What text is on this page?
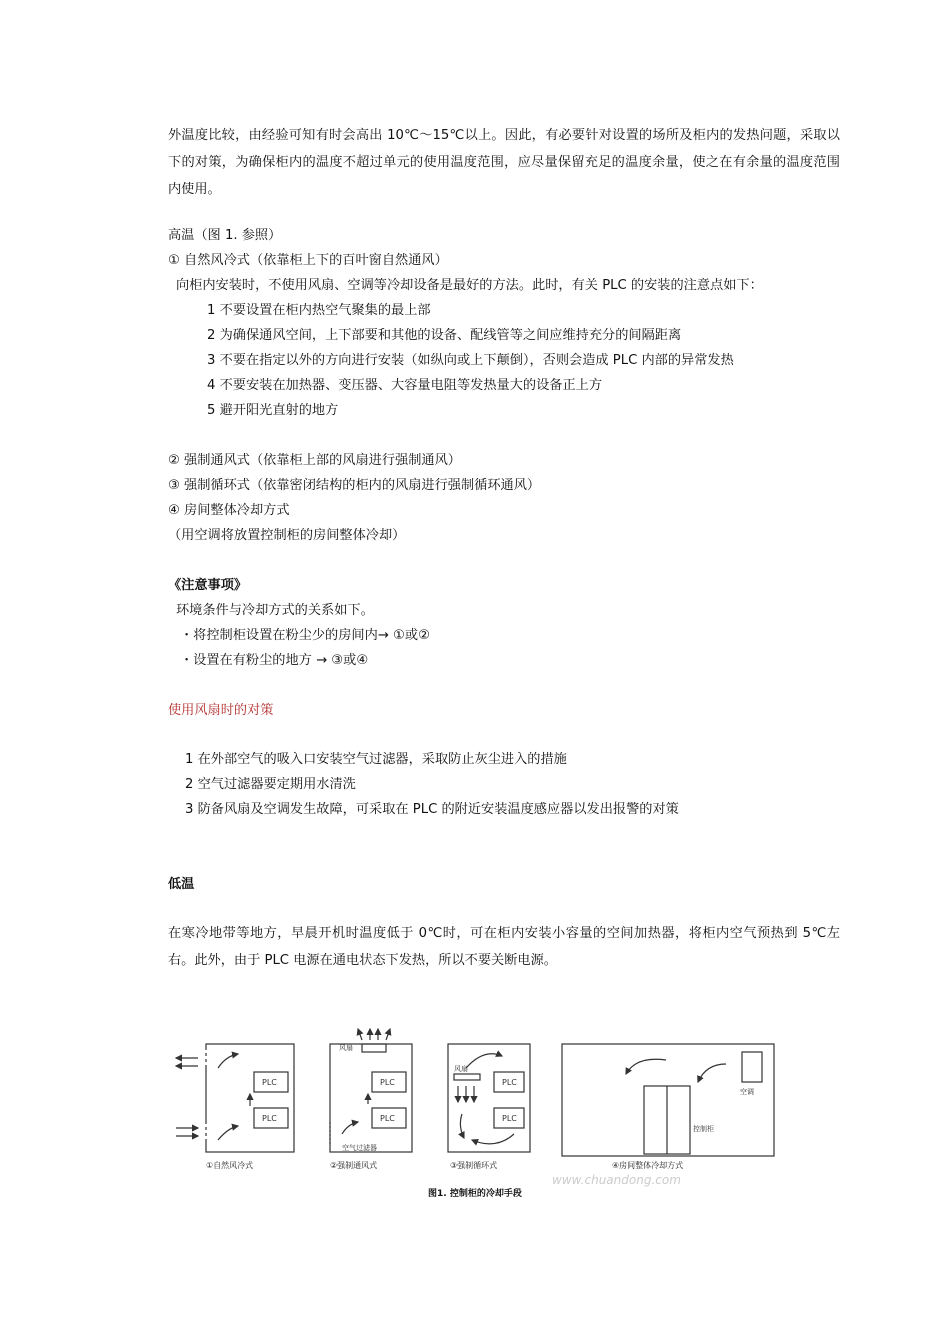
外温度比较，由经验可知有时会高出 10℃～15℃以上。因此，有必要针对设置的场所及柜内的发热问题，采取以下的对策，为确保柜内的温度不超过单元的使用温度范围，应尽量保留充足的温度余量，使之在有余量的温度范围内使用。
高温（图 1. 参照）
① 自然风冷式（依靠柜上下的百叶窗自然通风）
向柜内安装时，不使用风扇、空调等冷却设备是最好的方法。此时，有关 PLC 的安装的注意点如下：
1 不要设置在柜内热空气聚集的最上部
2 为确保通风空间，上下部要和其他的设备、配线管等之间应维持充分的间隔距离
3 不要在指定以外的方向进行安装（如纵向或上下颠倒），否则会造成 PLC 内部的异常发热
4 不要安装在加热器、变压器、大容量电阻等发热量大的设备正上方
5 避开阳光直射的地方
② 强制通风式（依靠柜上部的风扇进行强制通风）
③ 强制循环式（依靠密闭结构的柜内的风扇进行强制循环通风）
④ 房间整体冷却方式
（用空调将放置控制柜的房间整体冷却）
《注意事项》
环境条件与冷却方式的关系如下。
・将控制柜设置在粉尘少的房间内→ ①或②
・设置在有粉尘的地方 → ③或④
使用风扇时的对策
1 在外部空气的吸入口安装空气过滤器，采取防止灰尘进入的措施
2 空气过滤器要定期用水清洗
3 防备风扇及空调发生故障，可采取在 PLC 的附近安装温度感应器以发出报警的对策
低温
在寒冷地带等地方，早晨开机时温度低于 0℃时，可在柜内安装小容量的空间加热器，将柜内空气预热到 5℃左右。此外，由于 PLC 电源在通电状态下发热，所以不要关断电源。
PLC
PLC
PLC
PLC
PLC
PLC
风扇
风扇
空气过滤器
空调
控制柜
①自然风冷式	②强制通风式	③强制循环式	④房间整体冷却方式
www.chuandong.com
图1. 控制柜的冷却手段
